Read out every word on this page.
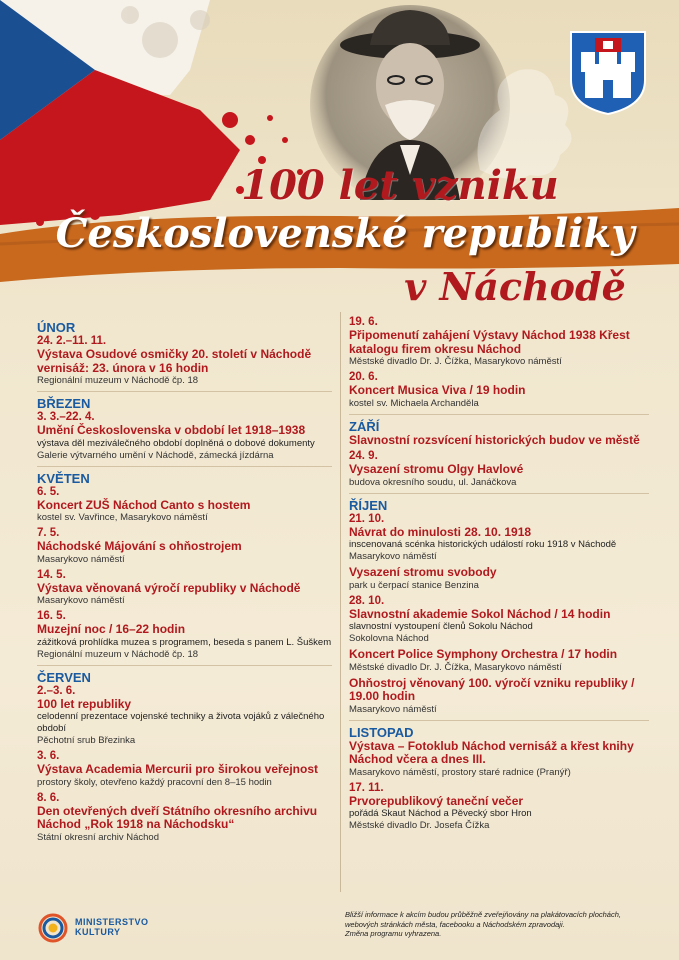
100 let vzniku
Československé republiky
v Náchodě
ÚNOR
24. 2.–11. 11.
Výstava Osudové osmičky 20. století v Náchodě vernisáž: 23. února v 16 hodin
Regionální muzeum v Náchodě čp. 18
BŘEZEN
3. 3.–22. 4.
Umění Československa v období let 1918–1938
výstava děl meziválečného období doplněná o dobové dokumenty
Galerie výtvarného umění v Náchodě, zámecká jízdárna
KVĚTEN
6. 5.
Koncert ZUŠ Náchod Canto s hostem
kostel sv. Vavřince, Masarykovo náměstí
7. 5.
Náchodské Májování s ohňostrojem
Masarykovo náměstí
14. 5.
Výstava věnovaná výročí republiky v Náchodě
Masarykovo náměstí
16. 5.
Muzejní noc / 16–22 hodin
zážitková prohlídka muzea s programem, beseda s panem L. Šuškem
Regionální muzeum v Náchodě čp. 18
ČERVEN
2.–3. 6.
100 let republiky
celodenní prezentace vojenské techniky a života vojáků z válečného období
Pěchotní srub Březinka
3. 6.
Výstava Academia Mercurii pro širokou veřejnost
prostory školy, otevřeno každý pracovní den 8–15 hodin
8. 6.
Den otevřených dveří Státního okresního archivu Náchod „Rok 1918 na Náchodsku“
Státní okresní archiv Náchod
19. 6.
Připomenutí zahájení Výstavy Náchod 1938 Křest katalogu firem okresu Náchod
Městské divadlo Dr. J. Čížka, Masarykovo náměstí
20. 6.
Koncert Musica Viva / 19 hodin
kostel sv. Michaela Archanděla
ZÁŘÍ
Slavnostní rozsvícení historických budov ve městě
24. 9.
Vysazení stromu Olgy Havlové
budova okresního soudu, ul. Janáčkova
ŘÍJEN
21. 10.
Návrat do minulosti 28. 10. 1918
inscenovaná scénka historických událostí roku 1918 v Náchodě
Masarykovo náměstí
Vysazení stromu svobody
park u čerpací stanice Benzina
28. 10.
Slavnostní akademie Sokol Náchod / 14 hodin
slavnostní vystoupení členů Sokolu Náchod
Sokolovna Náchod
Koncert Police Symphony Orchestra / 17 hodin
Městské divadlo Dr. J. Čížka, Masarykovo náměstí
Ohňostroj věnovaný 100. výročí vzniku republiky / 19.00 hodin
Masarykovo náměstí
LISTOPAD
Výstava – Fotoklub Náchod vernisáž a křest knihy Náchod včera a dnes III.
Masarykovo náměstí, prostory staré radnice (Pranýř)
17. 11.
Prvorepublikový taneční večer
pořádá Skaut Náchod a Pěvecký sbor Hron
Městské divadlo Dr. Josefa Čížka
MINISTERSTVO
KULTURY
Bližší informace k akcím budou průběžně zveřejňovány na plakátovacích plochách,
webových stránkách města, facebooku a Náchodském zpravodaji.
Změna programu vyhrazena.
